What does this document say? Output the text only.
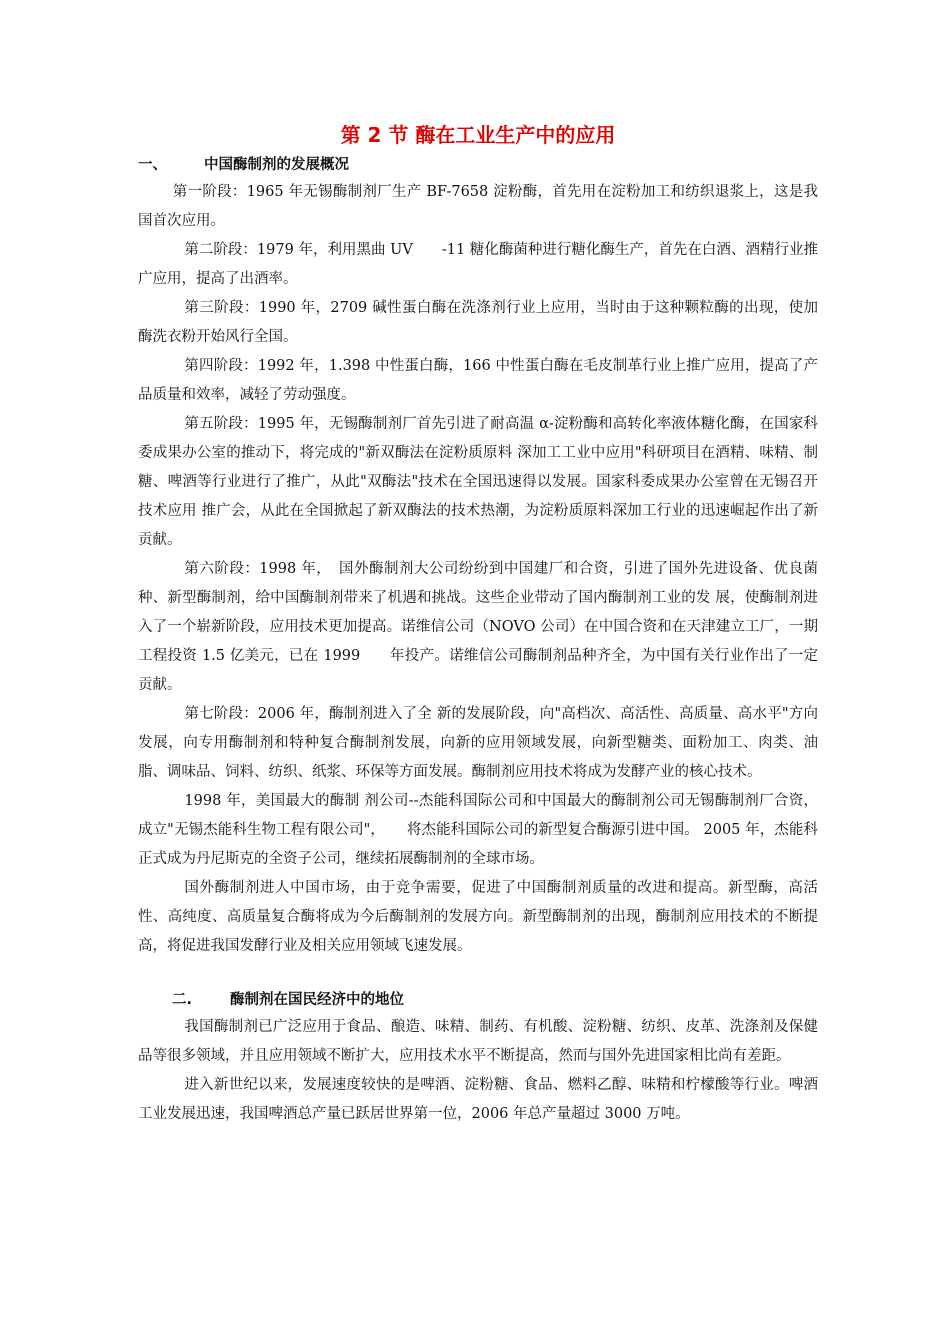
第 2 节 酶在工业生产中的应用
一、	中国酶制剂的发展概况

第一阶段：1965 年无锡酶制剂厂生产 BF-7658 淀粉酶，首先用在淀粉加工和纺织退浆上，这是我国首次应用。

第二阶段：1979 年，利用黑曲 UV　　-11 糖化酶菌种进行糖化酶生产，首先在白酒、酒精行业推广应用，提高了出酒率。

第三阶段：1990 年，2709 碱性蛋白酶在洗涤剂行业上应用，当时由于这种颗粒酶的出现，使加酶洗衣粉开始风行全国。

第四阶段：1992 年，1.398 中性蛋白酶，166 中性蛋白酶在毛皮制革行业上推广应用，提高了产品质量和效率，减轻了劳动强度。

第五阶段：1995 年，无锡酶制剂厂首先引进了耐高温 α-淀粉酶和高转化率液体糖化酶，在国家科委成果办公室的推动下，将完成的"新双酶法在淀粉质原料 深加工工业中应用"科研项目在酒精、味精、制糖、啤酒等行业进行了推广，从此"双酶法"技术在全国迅速得以发展。国家科委成果办公室曾在无锡召开技术应用 推广会，从此在全国掀起了新双酶法的技术热潮，为淀粉质原料深加工行业的迅速崛起作出了新贡献。

第六阶段：1998 年，　国外酶制剂大公司纷纷到中国建厂和合资，引进了国外先进设备、优良菌种、新型酶制剂，给中国酶制剂带来了机遇和挑战。这些企业带动了国内酶制剂工业的发 展，使酶制剂进入了一个崭新阶段，应用技术更加提高。诺维信公司（NOVO 公司）在中国合资和在天津建立工厂，一期工程投资 1.5 亿美元，已在 1999　　年投产。诺维信公司酶制剂品种齐全，为中国有关行业作出了一定贡献。

第七阶段：2006 年，酶制剂进入了全 新的发展阶段，向"高档次、高活性、高质量、高水平"方向发展，向专用酶制剂和特种复合酶制剂发展，向新的应用领域发展，向新型糖类、面粉加工、肉类、油 脂、调味品、饲料、纺织、纸浆、环保等方面发展。酶制剂应用技术将成为发酵产业的核心技术。

1998 年，美国最大的酶制 剂公司--杰能科国际公司和中国最大的酶制剂公司无锡酶制剂厂合资，成立"无锡杰能科生物工程有限公司"，　　将杰能科国际公司的新型复合酶源引进中国。 2005 年，杰能科正式成为丹尼斯克的全资子公司，继续拓展酶制剂的全球市场。

国外酶制剂进人中国市场，由于竞争需要，促进了中国酶制剂质量的改进和提高。新型酶，高活性、高纯度、高质量复合酶将成为今后酶制剂的发展方向。新型酶制剂的出现，酶制剂应用技术的不断提高，将促进我国发酵行业及相关应用领域飞速发展。

二.	酶制剂在国民经济中的地位

我国酶制剂已广泛应用于食品、酿造、味精、制药、有机酸、淀粉糖、纺织、皮革、洗涤剂及保健品等很多领域，并且应用领域不断扩大，应用技术水平不断提高，然而与国外先进国家相比尚有差距。

进入新世纪以来，发展速度较快的是啤酒、淀粉糖、食品、燃料乙醇、味精和柠檬酸等行业。啤酒工业发展迅速，我国啤酒总产量已跃居世界第一位，2006 年总产量超过 3000 万吨。
